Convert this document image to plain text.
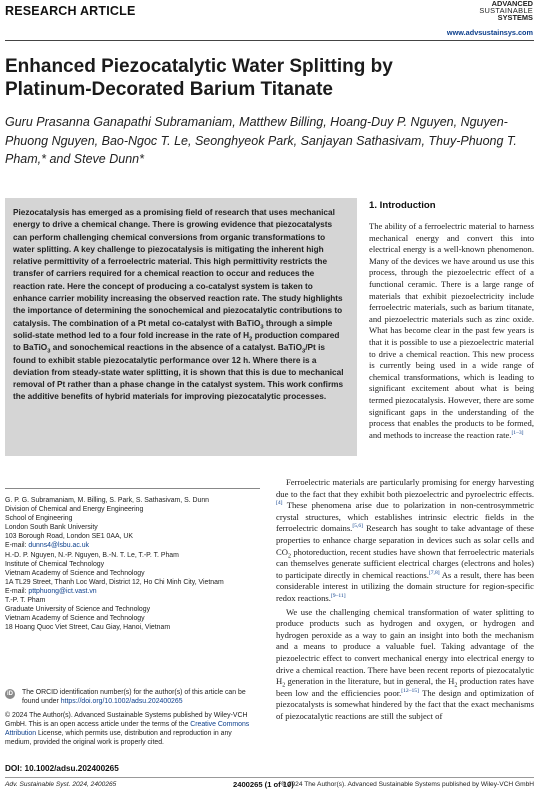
RESEARCH ARTICLE
ADVANCED
SUSTAINABLE
SYSTEMS
www.advsustainsys.com
Enhanced Piezocatalytic Water Splitting by Platinum-Decorated Barium Titanate
Guru Prasanna Ganapathi Subramaniam, Matthew Billing, Hoang-Duy P. Nguyen, Nguyen-Phuong Nguyen, Bao-Ngoc T. Le, Seonghyeok Park, Sanjayan Sathasivam, Thuy-Phuong T. Pham,* and Steve Dunn*

Piezocatalysis has emerged as a promising field of research that uses mechanical energy to drive a chemical change. There is growing evidence that piezocatalysts can perform challenging chemical conversions from organic transformations to water splitting. A key challenge to piezocatalysis is mitigating the inherent high relative permittivity of a ferroelectric material. This high permittivity restricts the transfer of carriers required for a chemical reaction to occur and reduces the reaction rate. Here the concept of producing a co-catalyst system is taken to enhance carrier mobility increasing the observed reaction rate. The study highlights the importance of determining the sonochemical and piezocatalytic contributions to catalysis. The combination of a Pt metal co-catalyst with BaTiO$_3$ through a simple solid-state method led to a four fold increase in the rate of $H_2$ production compared to BaTiO$_3$ and sonochemical reactions in the absence of a catalyst. BaTiO$_3$/Pt is found to exhibit stable piezocatalytic performance over 12 h. Where there is a deviation from steady-state water splitting, it is shown that this is due to mechanical removal of Pt rather than a phase change in the catalyst system. This work confirms the additive benefits of hybrid materials for improving piezocatalytic processes.

1. Introduction

The ability of a ferroelectric material to harness mechanical energy and convert this into electrical energy is a well-known phenomenon. Many of the devices we have around us use this process, through the piezoelectric effect of a functional ceramic. There is a large range of materials that exhibit piezoelectricity include ferroelectric materials, such as barium titanate, and piezoelectric materials such as zinc oxide. What has become clear in the past few years is that it is possible to use a piezoelectric material to drive a chemical reaction. This new process is currently being used in a wide range of chemical transformations, which is leading to significant excitement about what is being termed piezocatalysis. However, there are some significant gaps in the understanding of the process that enables the products to be formed, and methods to increase the reaction rate.[1–3]

Ferroelectric materials are particularly promising for energy harvesting due to the fact that they exhibit both piezoelectric and pyroelectric effects.[4] These phenomena arise due to polarization in non-centrosymmetric crystal structures, which establishes intrinsic electric fields in the ferroelectric domains.[5,6] Research has sought to take advantage of these properties to enhance charge separation in devices such as solar cells and $CO_2$ photoreduction, recent studies have shown that ferroelectric materials can themselves generate sufficient electrical charges (electrons and holes) to participate directly in chemical reactions.[7,8] As a result, there has been considerable interest in utilizing the domain structure for region-specific redox reactions.[9–11]

We use the challenging chemical transformation of water splitting to produce products such as hydrogen and oxygen, or hydrogen and hydrogen peroxide as a way to gain an insight into both the mechanism and a means to produce a valuable fuel. Taking advantage of the piezoelectric effect to convert mechanical energy into electrical energy to drive a chemical reaction. There have been recent reports of piezocatalytic $H_2$ generation in the literature, but in general, the $H_2$ production rates have been low and the efficiencies poor.[12–15] The design and optimization of piezocatalysts is somewhat hindered by the fact that the exact mechanisms of piezocatalytic reactions are still the subject of

G. P. G. Subramaniam, M. Billing, S. Park, S. Sathasivam, S. Dunn
Division of Chemical and Energy Engineering
School of Engineering
London South Bank University
103 Borough Road, London SE1 0AA, UK
E-mail: dunns4@lsbu.ac.uk
H.-D. P. Nguyen, N.-P. Nguyen, B.-N. T. Le, T.-P. T. Pham
Institute of Chemical Technology
Vietnam Academy of Science and Technology
1A TL29 Street, Thanh Loc Ward, District 12, Ho Chi Minh City, Vietnam
E-mail: pttphuong@ict.vast.vn
T.-P. T. Pham
Graduate University of Science and Technology
Vietnam Academy of Science and Technology
18 Hoang Quoc Viet Street, Cau Giay, Hanoi, Vietnam
iD The ORCID identification number(s) for the author(s) of this article can be found under https://doi.org/10.1002/adsu.202400265
© 2024 The Author(s). Advanced Sustainable Systems published by Wiley-VCH GmbH. This is an open access article under the terms of the Creative Commons Attribution License, which permits use, distribution and reproduction in any medium, provided the original work is properly cited.
DOI: 10.1002/adsu.202400265
Adv. Sustainable Syst. 2024, 2400265	2400265 (1 of 10)
© 2024 The Author(s). Advanced Sustainable Systems published by Wiley-VCH GmbH
